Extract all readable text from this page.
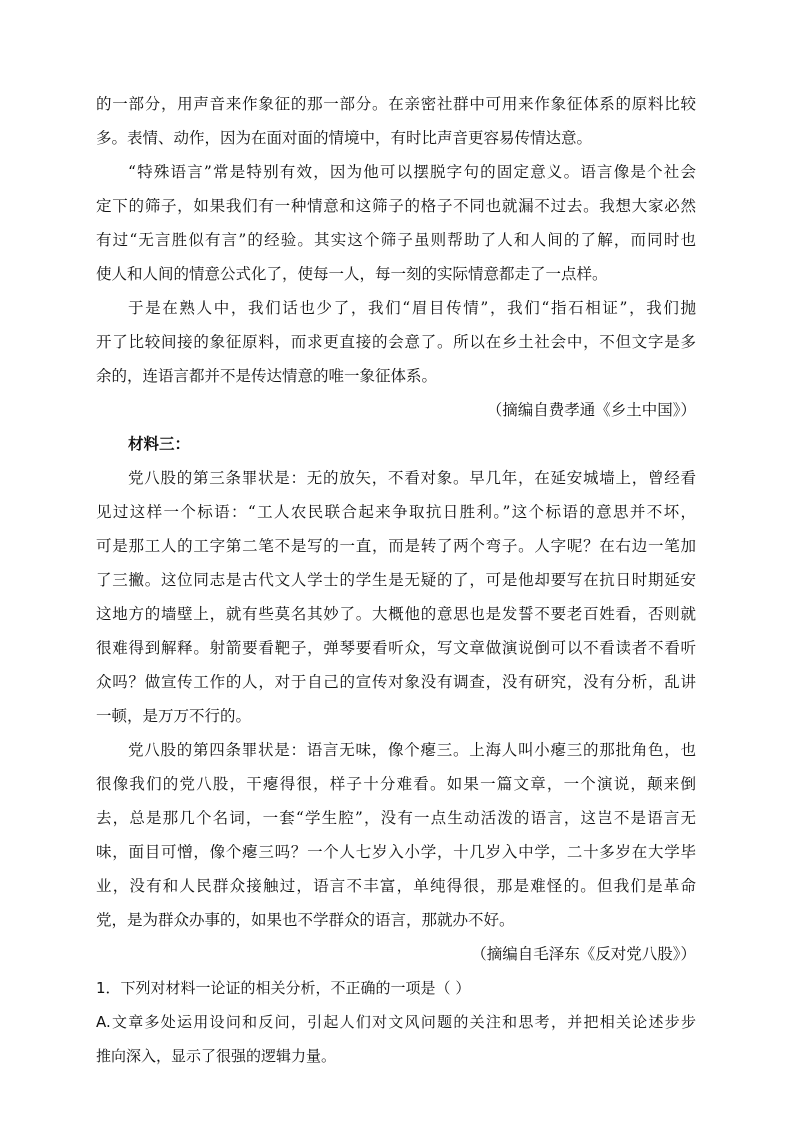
的一部分，用声音来作象征的那一部分。在亲密社群中可用来作象征体系的原料比较
多。表情、动作，因为在面对面的情境中，有时比声音更容易传情达意。
“特殊语言”常是特别有效，因为他可以摆脱字句的固定意义。语言像是个社会
定下的筛子，如果我们有一种情意和这筛子的格子不同也就漏不过去。我想大家必然
有过“无言胜似有言”的经验。其实这个筛子虽则帮助了人和人间的了解，而同时也
使人和人间的情意公式化了，使每一人，每一刻的实际情意都走了一点样。
于是在熟人中，我们话也少了，我们“眉目传情”，我们“指石相证”，我们抛
开了比较间接的象征原料，而求更直接的会意了。所以在乡土社会中，不但文字是多
余的，连语言都并不是传达情意的唯一象征体系。
（摘编自费孝通《乡土中国》）
材料三：
党八股的第三条罪状是：无的放矢，不看对象。早几年，在延安城墙上，曾经看
见过这样一个标语：“工人农民联合起来争取抗日胜利。”这个标语的意思并不坏，
可是那工人的工字第二笔不是写的一直，而是转了两个弯子。人字呢？在右边一笔加
了三撇。这位同志是古代文人学士的学生是无疑的了，可是他却要写在抗日时期延安
这地方的墙壁上，就有些莫名其妙了。大概他的意思也是发誓不要老百姓看，否则就
很难得到解释。射箭要看靶子，弹琴要看听众，写文章做演说倒可以不看读者不看听
众吗？做宣传工作的人，对于自己的宣传对象没有调查，没有研究，没有分析，乱讲
一顿，是万万不行的。
党八股的第四条罪状是：语言无味，像个瘪三。上海人叫小瘪三的那批角色，也
很像我们的党八股，干瘪得很，样子十分难看。如果一篇文章，一个演说，颠来倒
去，总是那几个名词，一套“学生腔”，没有一点生动活泼的语言，这岂不是语言无
味，面目可憎，像个瘪三吗？一个人七岁入小学，十几岁入中学，二十多岁在大学毕
业，没有和人民群众接触过，语言不丰富，单纯得很，那是难怪的。但我们是革命
党，是为群众办事的，如果也不学群众的语言，那就办不好。
（摘编自毛泽东《反对党八股》）
1．下列对材料一论证的相关分析，不正确的一项是（ ）
A.文章多处运用设问和反问，引起人们对文风问题的关注和思考，并把相关论述步步
推向深入，显示了很强的逻辑力量。
